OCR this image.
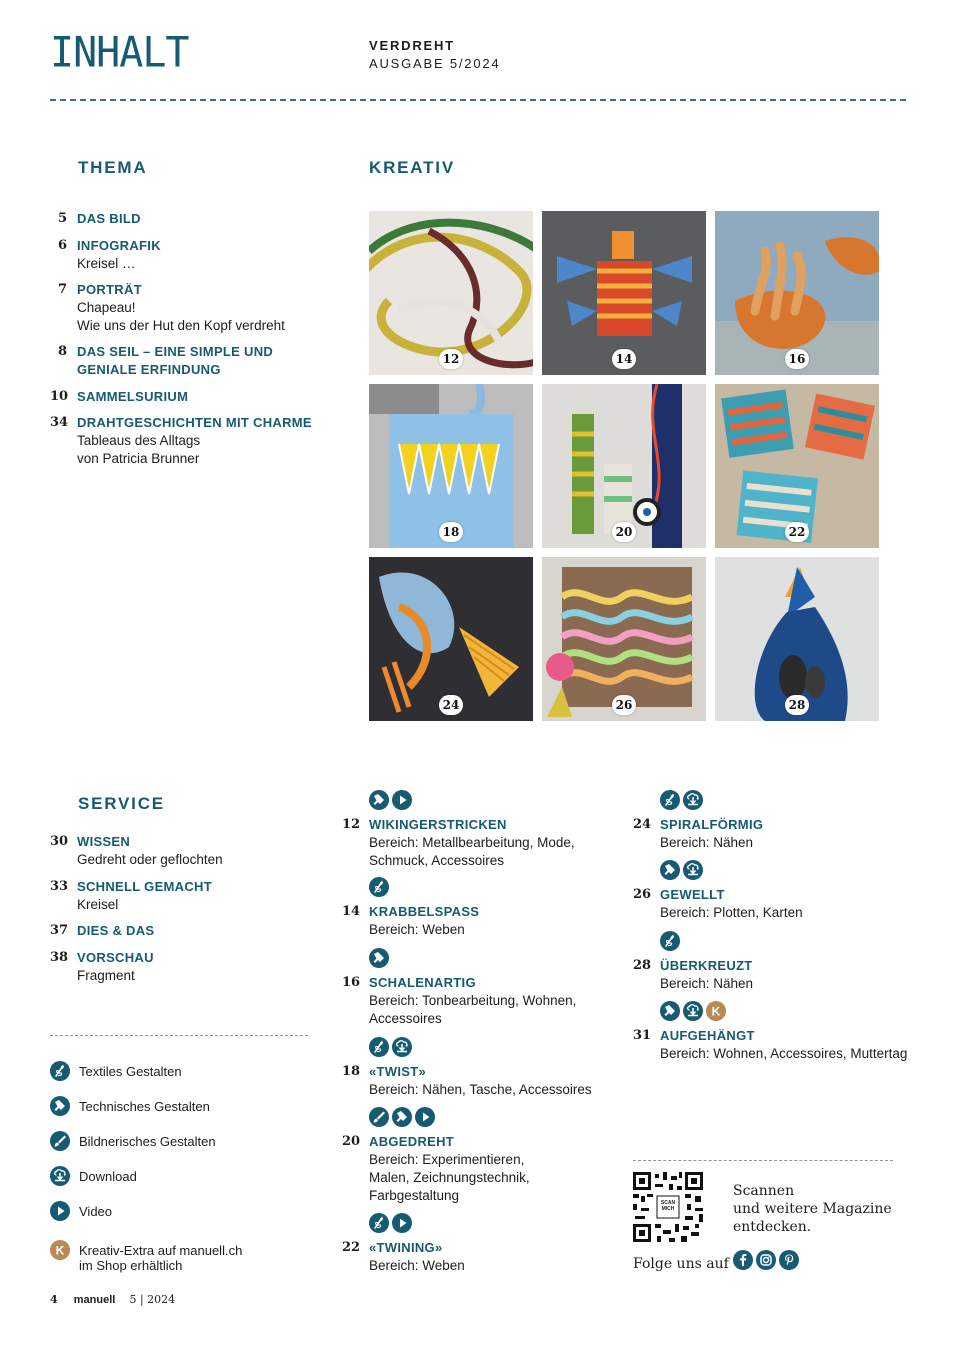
INHALT	VERDREHT
AUSGABE 5/2024
THEMA
5 DAS BILD
6 INFOGRAFIK
Kreisel …
7 PORTRÄT
Chapeau!
Wie uns der Hut den Kopf verdreht
8 DAS SEIL – EINE SIMPLE UND
GENIALE ERFINDUNG
10 SAMMELSURIUM
34 DRAHTGESCHICHTEN MIT CHARME
Tableaus des Alltags
von Patricia Brunner
KREATIV
12	14	16
18	20	22
24	26	28
SERVICE
30 WISSEN
Gedreht oder geflochten
33 SCHNELL GEMACHT
Kreisel
37 DIES & DAS
38 VORSCHAU
Fragment
Textiles Gestalten
Technisches Gestalten
Bildnerisches Gestalten
Download
Video
K Kreativ-Extra auf manuell.ch
im Shop erhältlich
12 WIKINGERSTRICKEN
Bereich: Metallbearbeitung, Mode,
Schmuck, Accessoires
14 KRABBELSPASS
Bereich: Weben
16 SCHALENARTIG
Bereich: Tonbearbeitung, Wohnen,
Accessoires
18 «TWIST»
Bereich: Nähen, Tasche, Accessoires
20 ABGEDREHT
Bereich: Experimentieren,
Malen, Zeichnungstechnik,
Farbgestaltung
22 «TWINING»
Bereich: Weben
24 SPIRALFÖRMIG
Bereich: Nähen
26 GEWELLT
Bereich: Plotten, Karten
28 ÜBERKREUZT
Bereich: Nähen
K
31 AUFGEHÄNGT
Bereich: Wohnen, Accessoires, Muttertag
SCAN MICH
Scannen
und weitere Magazine
entdecken.
Folge uns auf
4 manuell 5 | 2024
